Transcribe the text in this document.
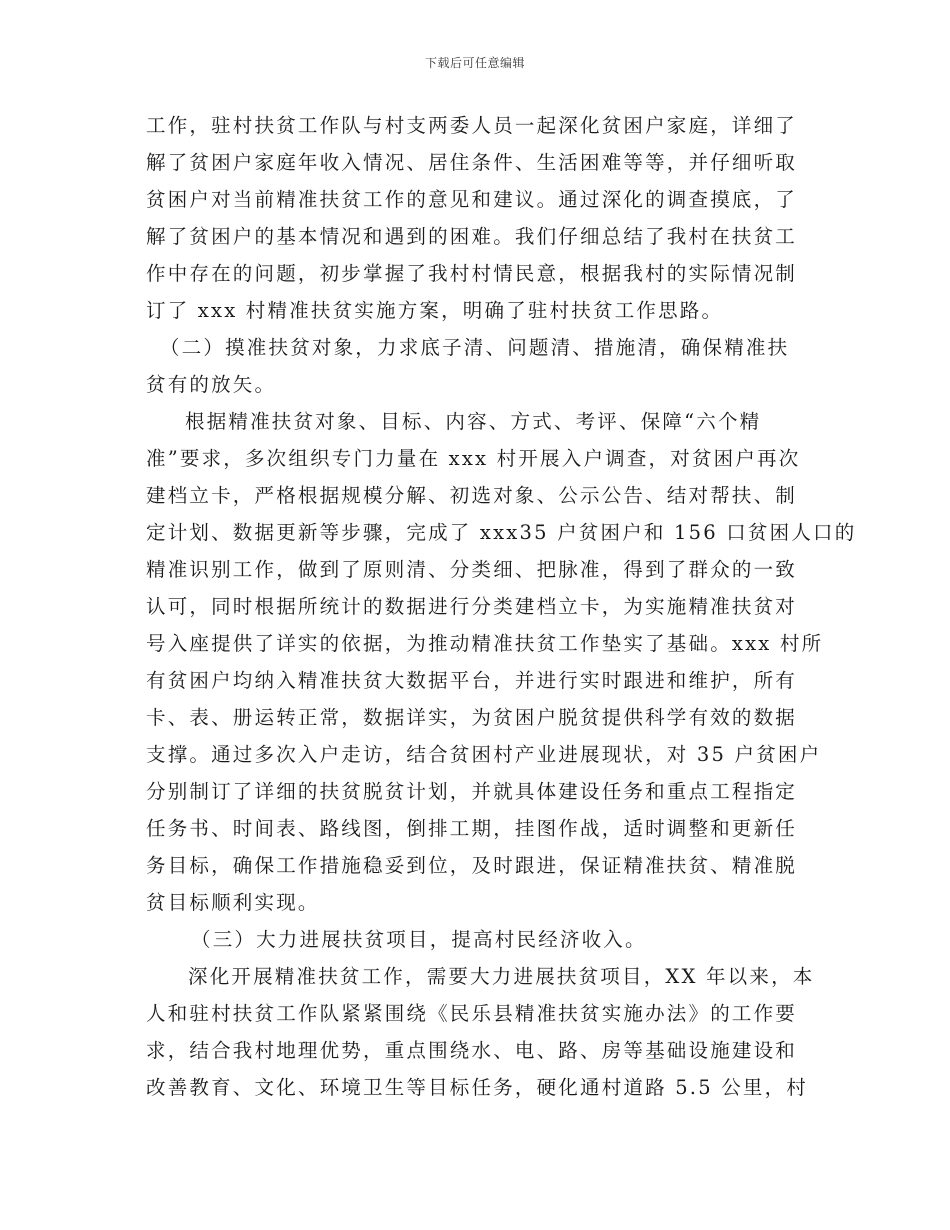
下载后可任意编辑
工作，驻村扶贫工作队与村支两委人员一起深化贫困户家庭，详细了
解了贫困户家庭年收入情况、居住条件、生活困难等等，并仔细听取
贫困户对当前精准扶贫工作的意见和建议。通过深化的调查摸底，了
解了贫困户的基本情况和遇到的困难。我们仔细总结了我村在扶贫工
作中存在的问题，初步掌握了我村村情民意，根据我村的实际情况制
订了 xxx 村精准扶贫实施方案，明确了驻村扶贫工作思路。
（二）摸准扶贫对象，力求底子清、问题清、措施清，确保精准扶
贫有的放矢。
根据精准扶贫对象、目标、内容、方式、考评、保障“六个精
准”要求，多次组织专门力量在 xxx 村开展入户调查，对贫困户再次
建档立卡，严格根据规模分解、初选对象、公示公告、结对帮扶、制
定计划、数据更新等步骤，完成了 xxx35 户贫困户和 156 口贫困人口的
精准识别工作，做到了原则清、分类细、把脉准，得到了群众的一致
认可，同时根据所统计的数据进行分类建档立卡，为实施精准扶贫对
号入座提供了详实的依据，为推动精准扶贫工作垫实了基础。xxx 村所
有贫困户均纳入精准扶贫大数据平台，并进行实时跟进和维护，所有
卡、表、册运转正常，数据详实，为贫困户脱贫提供科学有效的数据
支撑。通过多次入户走访，结合贫困村产业进展现状，对 35 户贫困户
分别制订了详细的扶贫脱贫计划，并就具体建设任务和重点工程指定
任务书、时间表、路线图，倒排工期，挂图作战，适时调整和更新任
务目标，确保工作措施稳妥到位，及时跟进，保证精准扶贫、精准脱
贫目标顺利实现。
（三）大力进展扶贫项目，提高村民经济收入。
深化开展精准扶贫工作，需要大力进展扶贫项目，XX 年以来，本
人和驻村扶贫工作队紧紧围绕《民乐县精准扶贫实施办法》的工作要
求，结合我村地理优势，重点围绕水、电、路、房等基础设施建设和
改善教育、文化、环境卫生等目标任务，硬化通村道路 5.5 公里，村
